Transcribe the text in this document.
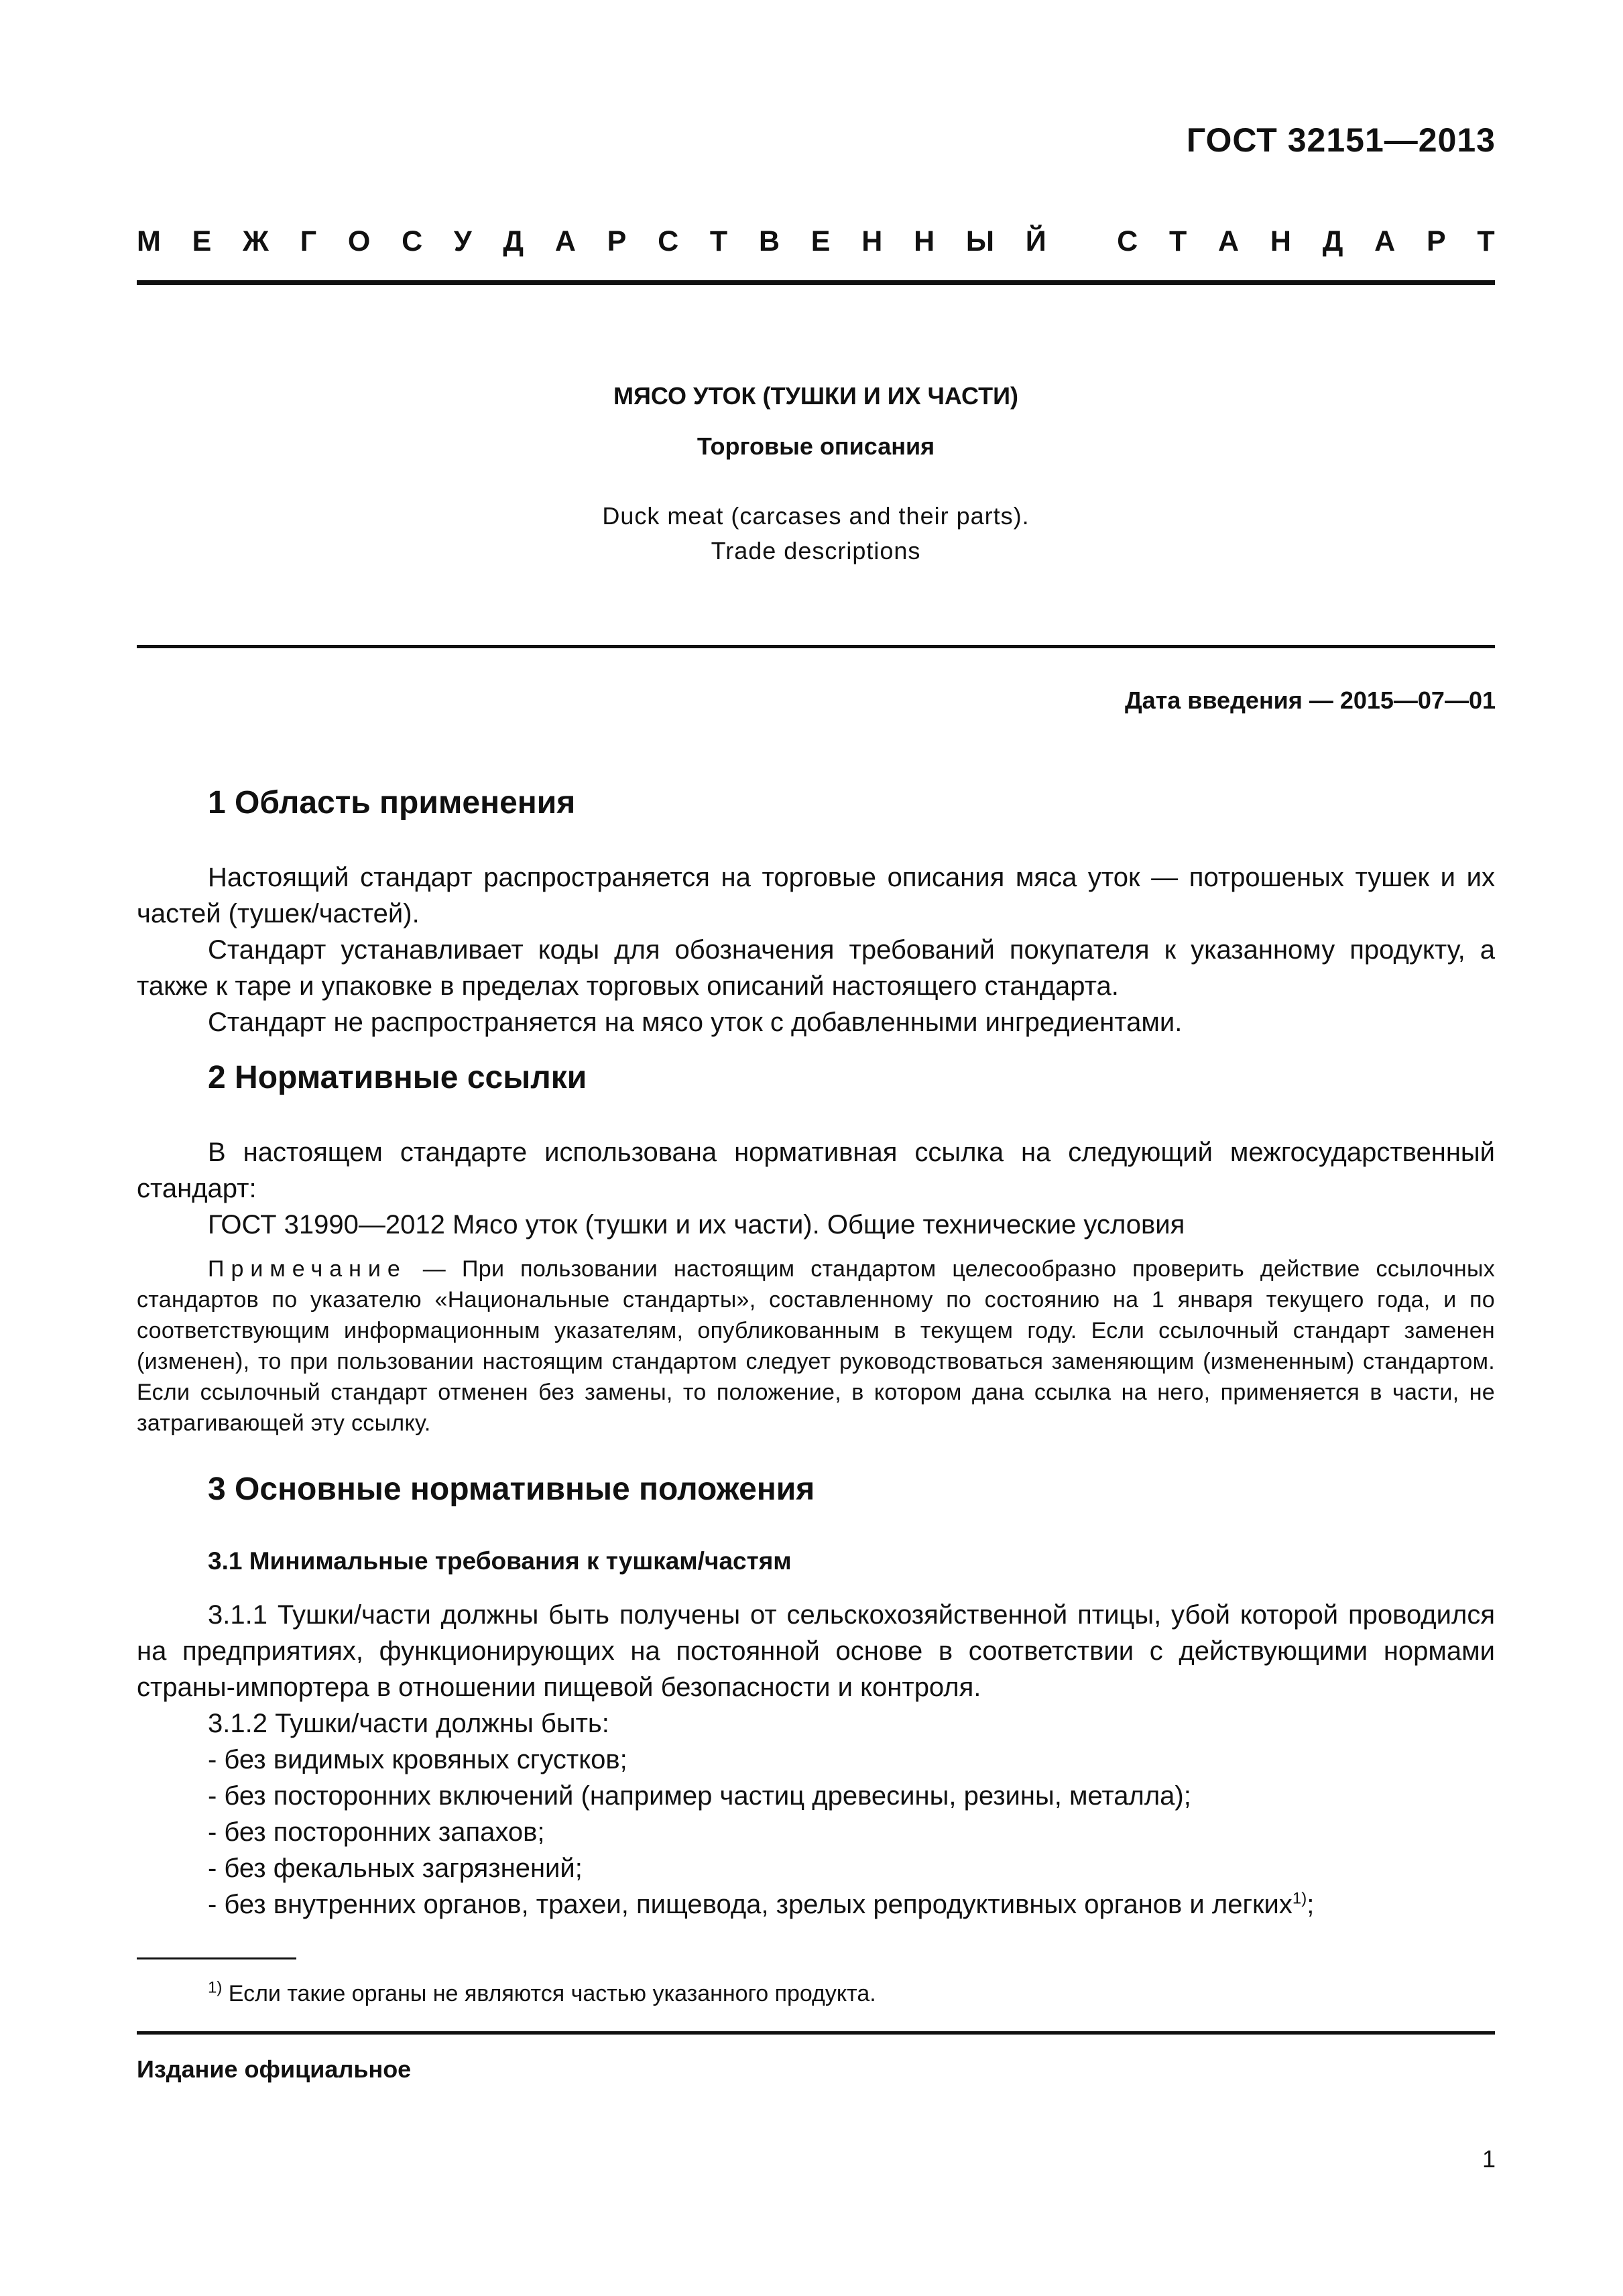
ГОСТ 32151—2013
М Е Ж Г О С У Д А Р С Т В Е Н Н Ы Й
С Т А Н Д А Р Т
МЯСО УТОК (ТУШКИ И ИХ ЧАСТИ)
Торговые описания
Duck meat (carcases and their parts).
Trade descriptions
Дата введения — 2015—07—01
1 Область применения

Настоящий стандарт распространяется на торговые описания мяса уток — потрошеных тушек и их частей (тушек/частей).

Стандарт устанавливает коды для обозначения требований покупателя к указанному продукту, а также к таре и упаковке в пределах торговых описаний настоящего стандарта.

Стандарт не распространяется на мясо уток с добавленными ингредиентами.

2 Нормативные ссылки

В настоящем стандарте использована нормативная ссылка на следующий межгосударственный стандарт:

ГОСТ 31990—2012 Мясо уток (тушки и их части). Общие технические условия

Примечание — При пользовании настоящим стандартом целесообразно проверить действие ссылочных стандартов по указателю «Национальные стандарты», составленному по состоянию на 1 января текущего года, и по соответствующим информационным указателям, опубликованным в текущем году. Если ссылочный стандарт заменен (изменен), то при пользовании настоящим стандартом следует руководствоваться заменяющим (измененным) стандартом. Если ссылочный стандарт отменен без замены, то положение, в котором дана ссылка на него, применяется в части, не затрагивающей эту ссылку.
3 Основные нормативные положения
3.1 Минимальные требования к тушкам/частям

3.1.1 Тушки/части должны быть получены от сельскохозяйственной птицы, убой которой проводился на предприятиях, функционирующих на постоянной основе в соответствии с действующими нормами страны-импортера в отношении пищевой безопасности и контроля.

3.1.2 Тушки/части должны быть:

- без видимых кровяных сгустков;
- без посторонних включений (например частиц древесины, резины, металла);
- без посторонних запахов;
- без фекальных загрязнений;
- без внутренних органов, трахеи, пищевода, зрелых репродуктивных органов и легких$^{1)}$;
$^{1)}$ Если такие органы не являются частью указанного продукта.
Издание официальное
1
